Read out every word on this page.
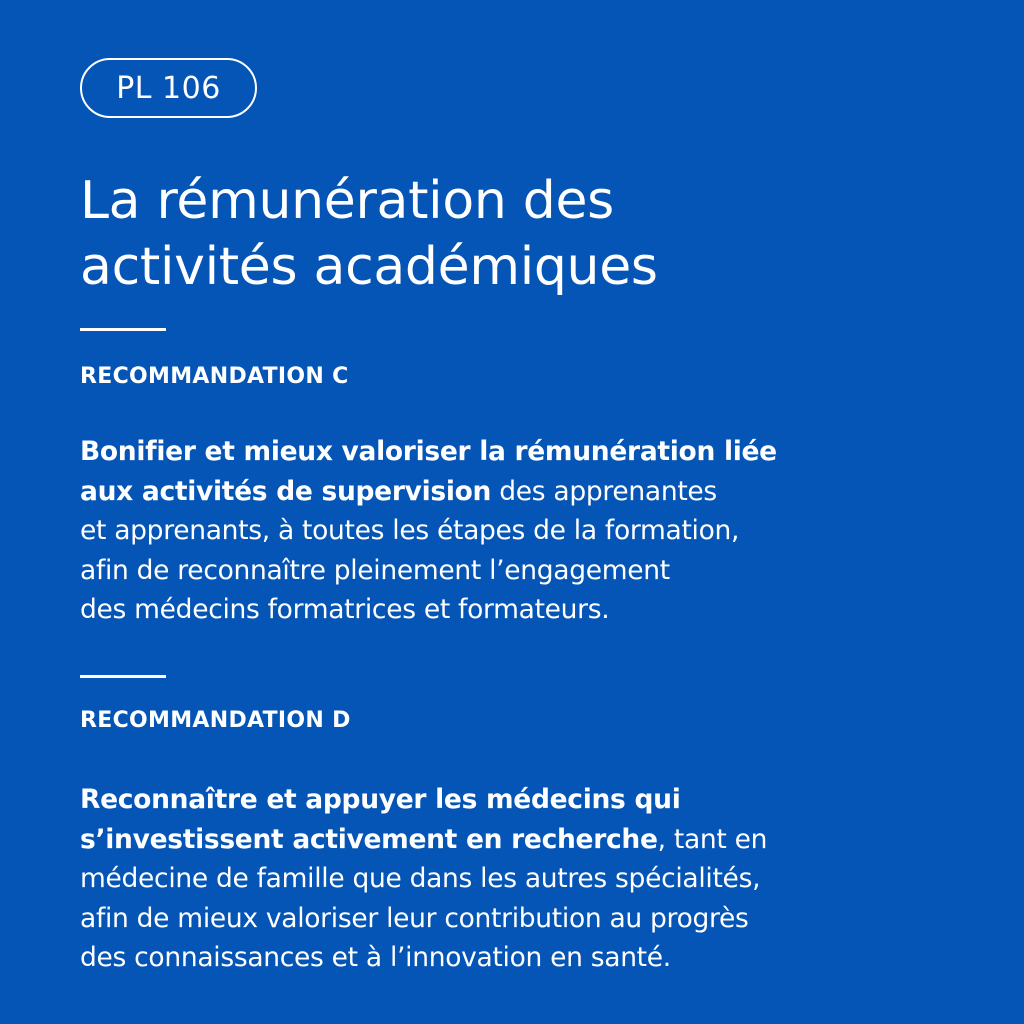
PL 106
La rémunération des
activités académiques

RECOMMANDATION C

Bonifier et mieux valoriser la rémunération liée
aux activités de supervision des apprenantes
et apprenants, à toutes les étapes de la formation,
afin de reconnaître pleinement l’engagement
des médecins formatrices et formateurs.

RECOMMANDATION D

Reconnaître et appuyer les médecins qui
s’investissent activement en recherche, tant en
médecine de famille que dans les autres spécialités,
afin de mieux valoriser leur contribution au progrès
des connaissances et à l’innovation en santé.
